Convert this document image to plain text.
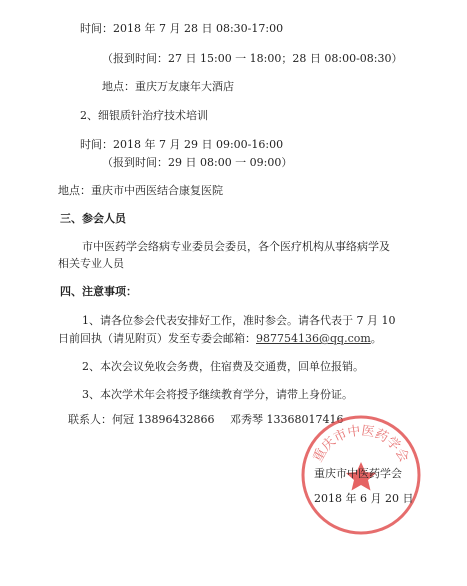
时间：2018 年 7 月 28 日 08:30-17:00
（报到时间：27 日 15:00 一 18:00；28 日 08:00-08:30）
地点：重庆万友康年大酒店
2、细银质针治疗技术培训
时间：2018 年 7 月 29 日 09:00-16:00
（报到时间：29 日 08:00 一 09:00）
地点：重庆市中西医结合康复医院
三、参会人员
市中医药学会络病专业委员会委员，各个医疗机构从事络病学及
相关专业人员
四、注意事项：
1、请各位参会代表安排好工作，准时参会。请各代表于 7 月 10
日前回执（请见附页）发至专委会邮箱：987754136@qq.com。
2、本次会议免收会务费，住宿费及交通费，回单位报销。
3、本次学术年会将授予继续教育学分，请带上身份证。
联系人：何冠 13896432866 邓秀琴 13368017416
重庆市中医药学会
重庆市中医药学会
2018 年 6 月 20 日
